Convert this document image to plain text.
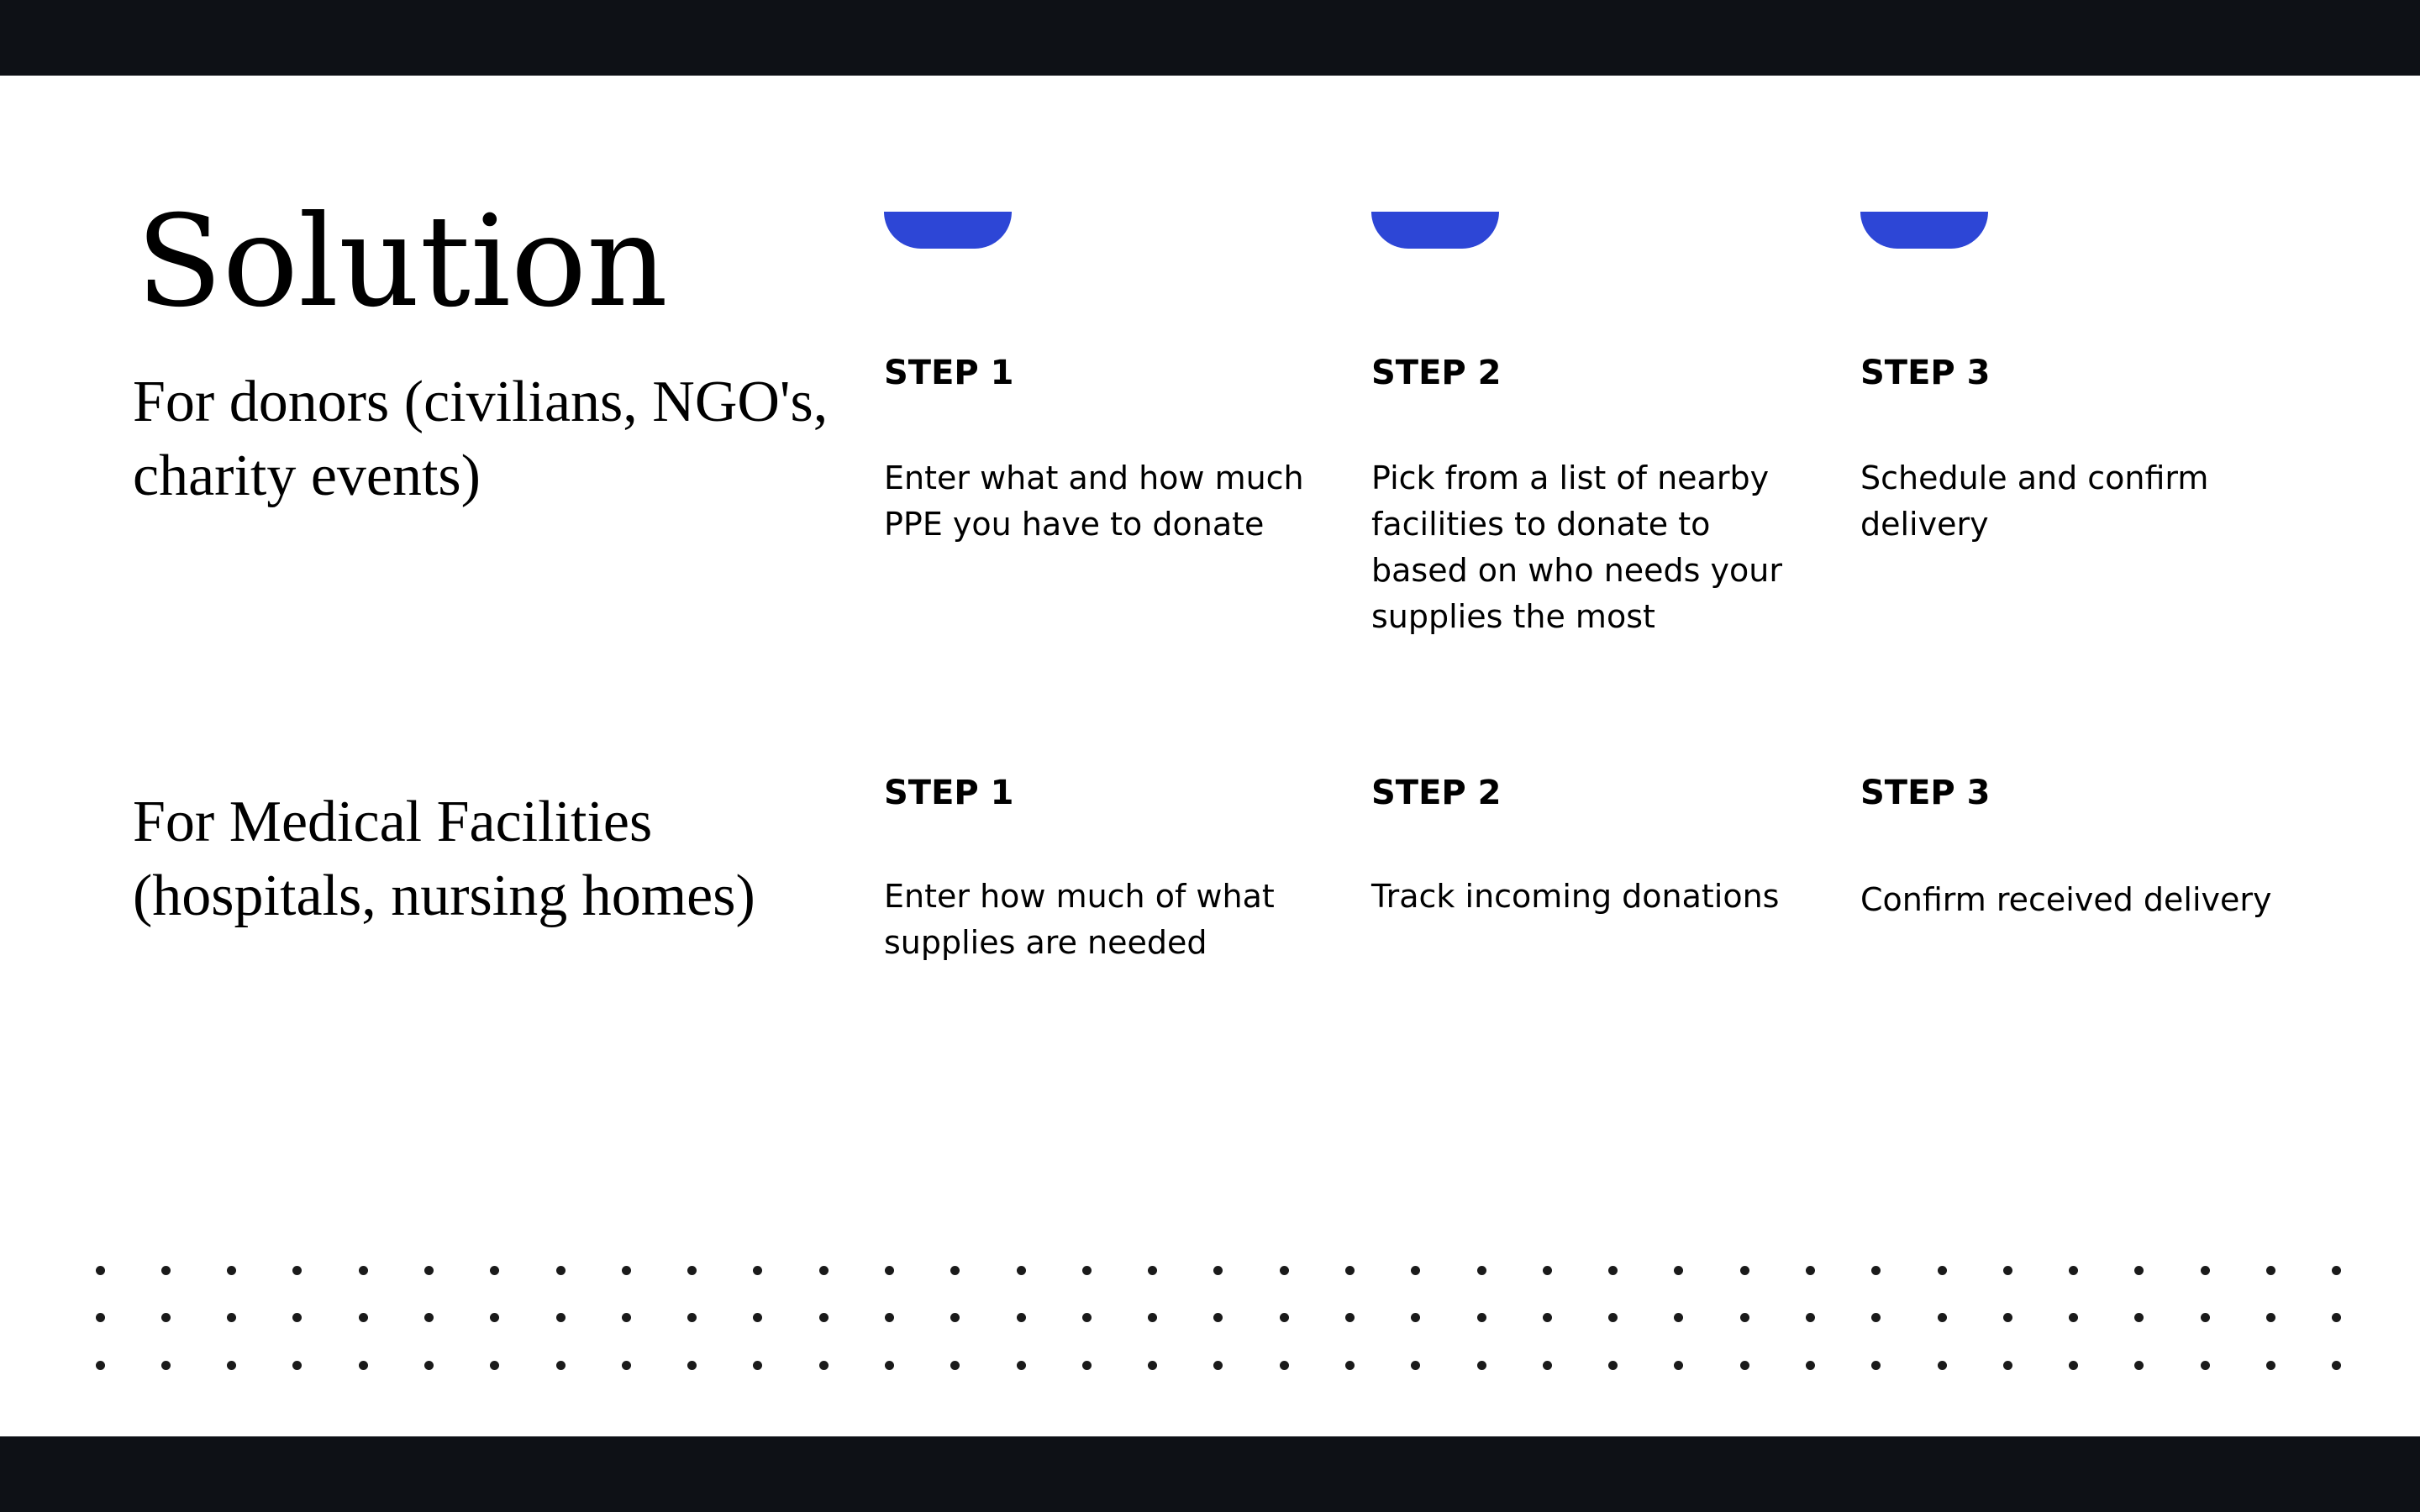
Solution
For donors (civilians, NGO's, charity events)
STEP 1
Enter what and how much PPE you have to donate
STEP 2
Pick from a list of nearby facilities to donate to based on who needs your supplies the most
STEP 3
Schedule and confirm delivery
For Medical Facilities (hospitals, nursing homes)
STEP 1
Enter how much of what supplies are needed
STEP 2
Track incoming donations
STEP 3
Confirm received delivery
